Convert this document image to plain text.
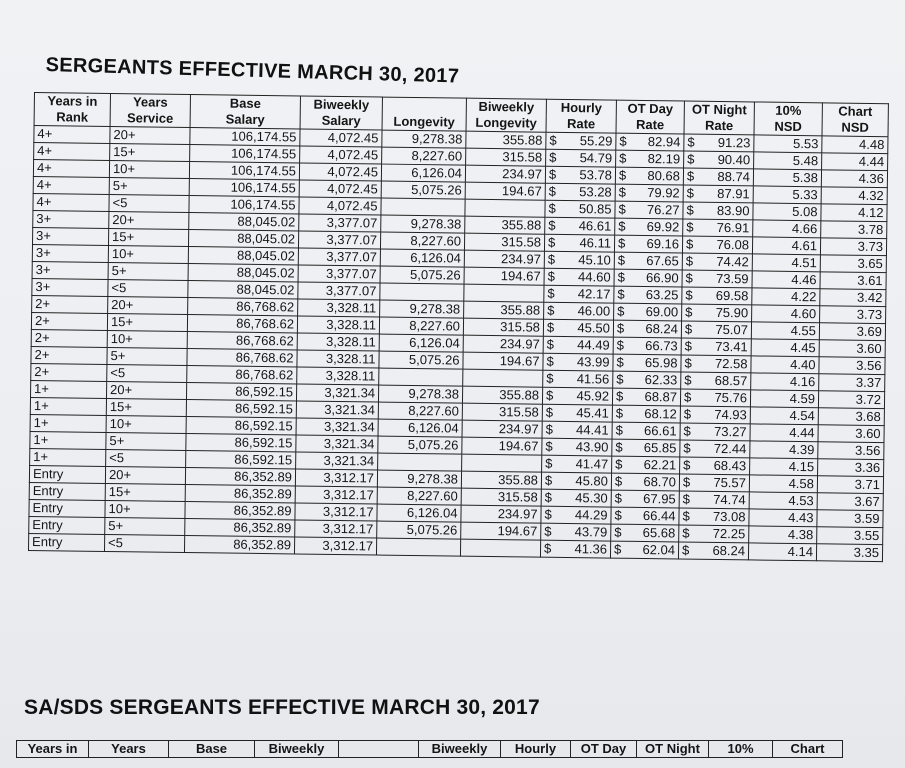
SERGEANTS EFFECTIVE MARCH 30, 2017
Years in	Years	Base	Biweekly		Biweekly	Hourly	OT Day	OT Night	10%	Chart
Rank	Service	Salary	Salary	Longevity	Longevity	Rate	Rate	Rate	NSD	NSD
4+	20+	106,174.55	4,072.45	9,278.38	355.88	$ 55.29	$ 82.94	$ 91.23	5.53	4.48
4+	15+	106,174.55	4,072.45	8,227.60	315.58	$ 54.79	$ 82.19	$ 90.40	5.48	4.44
4+	10+	106,174.55	4,072.45	6,126.04	234.97	$ 53.78	$ 80.68	$ 88.74	5.38	4.36
4+	5+	106,174.55	4,072.45	5,075.26	194.67	$ 53.28	$ 79.92	$ 87.91	5.33	4.32
4+	<5	106,174.55	4,072.45			$ 50.85	$ 76.27	$ 83.90	5.08	4.12
3+	20+	88,045.02	3,377.07	9,278.38	355.88	$ 46.61	$ 69.92	$ 76.91	4.66	3.78
3+	15+	88,045.02	3,377.07	8,227.60	315.58	$ 46.11	$ 69.16	$ 76.08	4.61	3.73
3+	10+	88,045.02	3,377.07	6,126.04	234.97	$ 45.10	$ 67.65	$ 74.42	4.51	3.65
3+	5+	88,045.02	3,377.07	5,075.26	194.67	$ 44.60	$ 66.90	$ 73.59	4.46	3.61
3+	<5	88,045.02	3,377.07			$ 42.17	$ 63.25	$ 69.58	4.22	3.42
2+	20+	86,768.62	3,328.11	9,278.38	355.88	$ 46.00	$ 69.00	$ 75.90	4.60	3.73
2+	15+	86,768.62	3,328.11	8,227.60	315.58	$ 45.50	$ 68.24	$ 75.07	4.55	3.69
2+	10+	86,768.62	3,328.11	6,126.04	234.97	$ 44.49	$ 66.73	$ 73.41	4.45	3.60
2+	5+	86,768.62	3,328.11	5,075.26	194.67	$ 43.99	$ 65.98	$ 72.58	4.40	3.56
2+	<5	86,768.62	3,328.11			$ 41.56	$ 62.33	$ 68.57	4.16	3.37
1+	20+	86,592.15	3,321.34	9,278.38	355.88	$ 45.92	$ 68.87	$ 75.76	4.59	3.72
1+	15+	86,592.15	3,321.34	8,227.60	315.58	$ 45.41	$ 68.12	$ 74.93	4.54	3.68
1+	10+	86,592.15	3,321.34	6,126.04	234.97	$ 44.41	$ 66.61	$ 73.27	4.44	3.60
1+	5+	86,592.15	3,321.34	5,075.26	194.67	$ 43.90	$ 65.85	$ 72.44	4.39	3.56
1+	<5	86,592.15	3,321.34			$ 41.47	$ 62.21	$ 68.43	4.15	3.36
Entry	20+	86,352.89	3,312.17	9,278.38	355.88	$ 45.80	$ 68.70	$ 75.57	4.58	3.71
Entry	15+	86,352.89	3,312.17	8,227.60	315.58	$ 45.30	$ 67.95	$ 74.74	4.53	3.67
Entry	10+	86,352.89	3,312.17	6,126.04	234.97	$ 44.29	$ 66.44	$ 73.08	4.43	3.59
Entry	5+	86,352.89	3,312.17	5,075.26	194.67	$ 43.79	$ 65.68	$ 72.25	4.38	3.55
Entry	<5	86,352.89	3,312.17			$ 41.36	$ 62.04	$ 68.24	4.14	3.35
SA/SDS SERGEANTS EFFECTIVE MARCH 30, 2017
Years in	Years	Base	Biweekly		Biweekly	Hourly	OT Day	OT Night	10%	Chart
